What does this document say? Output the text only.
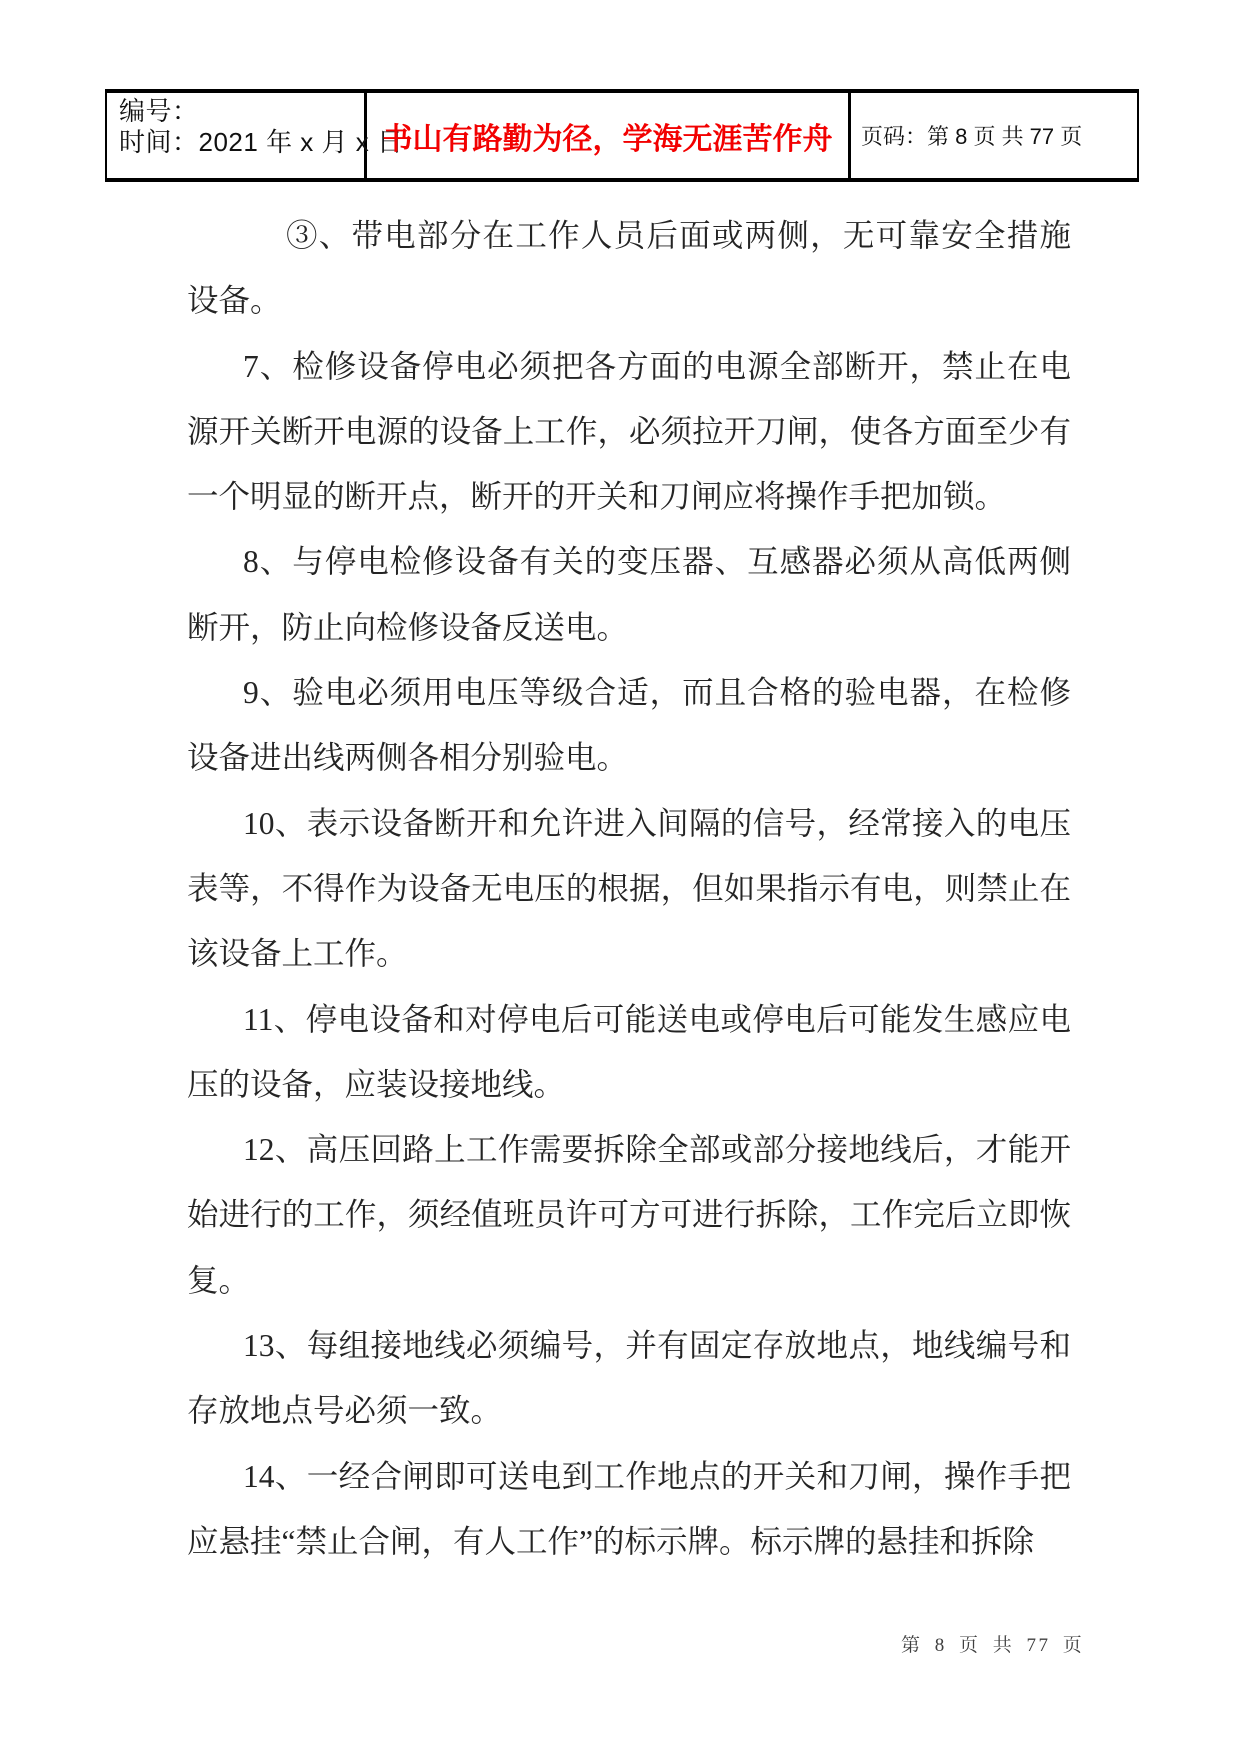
编号：
时间：2021 年 x 月 x 日
书山有路勤为径，学海无涯苦作舟 页码：第 8 页 共 77 页

③、带电部分在工作人员后面或两侧，无可靠安全措施设备。

7、检修设备停电必须把各方面的电源全部断开，禁止在电源开关断开电源的设备上工作，必须拉开刀闸，使各方面至少有一个明显的断开点，断开的开关和刀闸应将操作手把加锁。

8、与停电检修设备有关的变压器、互感器必须从高低两侧断开，防止向检修设备反送电。

9、验电必须用电压等级合适，而且合格的验电器，在检修设备进出线两侧各相分别验电。

10、表示设备断开和允许进入间隔的信号，经常接入的电压表等，不得作为设备无电压的根据，但如果指示有电，则禁止在该设备上工作。

11、停电设备和对停电后可能送电或停电后可能发生感应电压的设备，应装设接地线。

12、高压回路上工作需要拆除全部或部分接地线后，才能开始进行的工作，须经值班员许可方可进行拆除，工作完后立即恢复。

13、每组接地线必须编号，并有固定存放地点，地线编号和存放地点号必须一致。

14、一经合闸即可送电到工作地点的开关和刀闸，操作手把应悬挂“禁止合闸，有人工作”的标示牌。标示牌的悬挂和拆除

第 8 页 共 77 页
